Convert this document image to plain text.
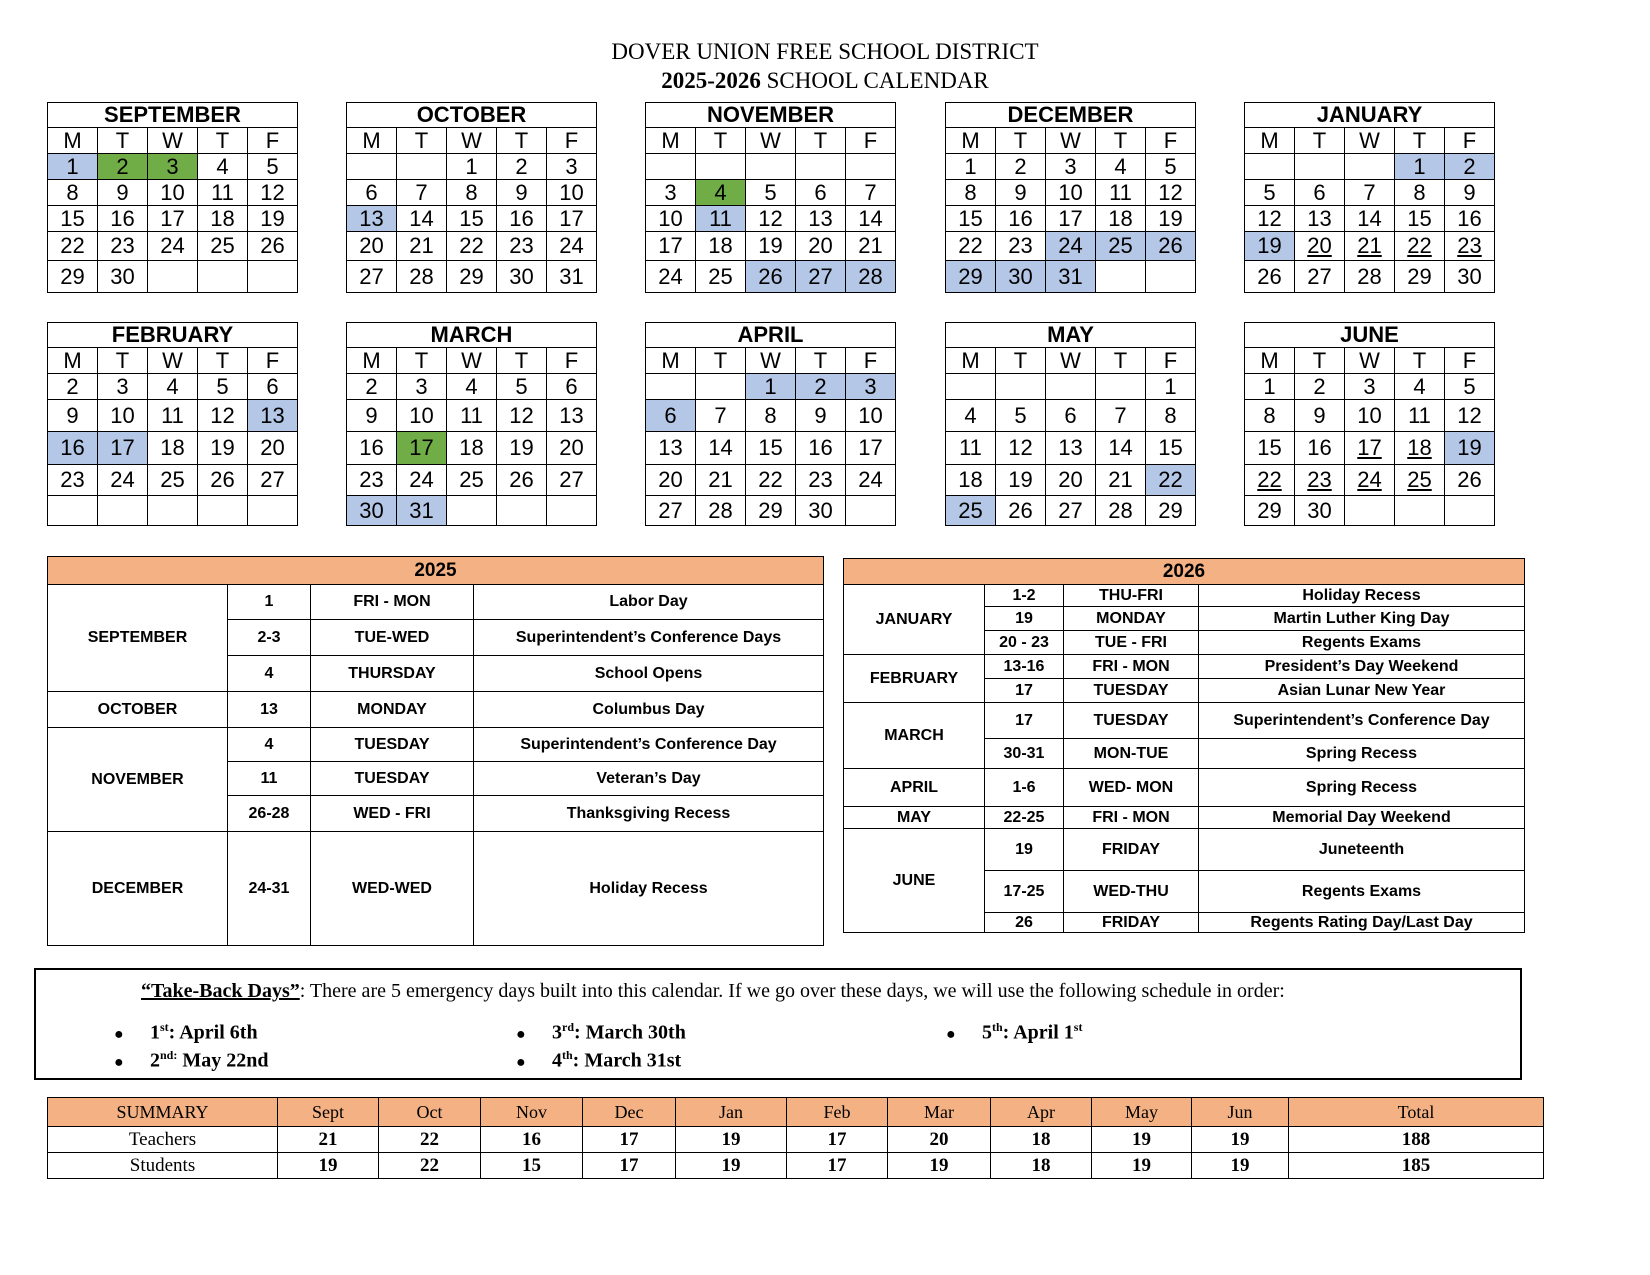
DOVER UNION FREE SCHOOL DISTRICT
2025-2026 SCHOOL CALENDAR
SEPTEMBER				
M	T	W	T	F
1	2	3	4	5
8	9	10	11	12
15	16	17	18	19
22	23	24	25	26
29	30			
OCTOBER				
M	T	W	T	F
		1	2	3
6	7	8	9	10
13	14	15	16	17
20	21	22	23	24
27	28	29	30	31
NOVEMBER				
M	T	W	T	F

3	4	5	6	7
10	11	12	13	14
17	18	19	20	21
24	25	26	27	28
DECEMBER				
M	T	W	T	F
1	2	3	4	5
8	9	10	11	12
15	16	17	18	19
22	23	24	25	26
29	30	31		
JANUARY				
M	T	W	T	F
			1	2
5	6	7	8	9
12	13	14	15	16
19	20	21	22	23
26	27	28	29	30
FEBRUARY				
M	T	W	T	F
2	3	4	5	6
9	10	11	12	13
16	17	18	19	20
23	24	25	26	27

MARCH				
M	T	W	T	F
2	3	4	5	6
9	10	11	12	13
16	17	18	19	20
23	24	25	26	27
30	31			
APRIL				
M	T	W	T	F
		1	2	3
6	7	8	9	10
13	14	15	16	17
20	21	22	23	24
27	28	29	30	
MAY				
M	T	W	T	F
				1
4	5	6	7	8
11	12	13	14	15
18	19	20	21	22
25	26	27	28	29
JUNE				
M	T	W	T	F
1	2	3	4	5
8	9	10	11	12
15	16	17	18	19
22	23	24	25	26
29	30			
2025			
SEPTEMBER	1	FRI - MON	Labor Day
	2-3	TUE-WED	Superintendent’s Conference Days
	4	THURSDAY	School Opens
OCTOBER	13	MONDAY	Columbus Day
NOVEMBER	4	TUESDAY	Superintendent’s Conference Day
	11	TUESDAY	Veteran’s Day
	26-28	WED - FRI	Thanksgiving Recess
DECEMBER	24-31	WED-WED	Holiday Recess
2026			
JANUARY	1-2	THU-FRI	Holiday Recess
	19	MONDAY	Martin Luther King Day
	20 - 23	TUE - FRI	Regents Exams
FEBRUARY	13-16	FRI - MON	President’s Day Weekend
	17	TUESDAY	Asian Lunar New Year
MARCH	17	TUESDAY	Superintendent’s Conference Day
	30-31	MON-TUE	Spring Recess
APRIL	1-6	WED- MON	Spring Recess
MAY	22-25	FRI - MON	Memorial Day Weekend
JUNE	19	FRIDAY	Juneteenth
	17-25	WED-THU	Regents Exams
	26	FRIDAY	Regents Rating Day/Last Day
“Take-Back Days”: There are 5 emergency days built into this calendar. If we go over these days, we will use the following schedule in order:
● 1st: April 6th
● $2^{nd:}$ May 22nd
● 3rd: March 30th
● 4th: March 31st
● 5th: April 1st
SUMMARY	Sept	Oct	Nov	Dec	Jan	Feb	Mar	Apr	May	Jun	Total
Teachers	21	22	16	17	19	17	20	18	19	19	188
Students	19	22	15	17	19	17	19	18	19	19	185
